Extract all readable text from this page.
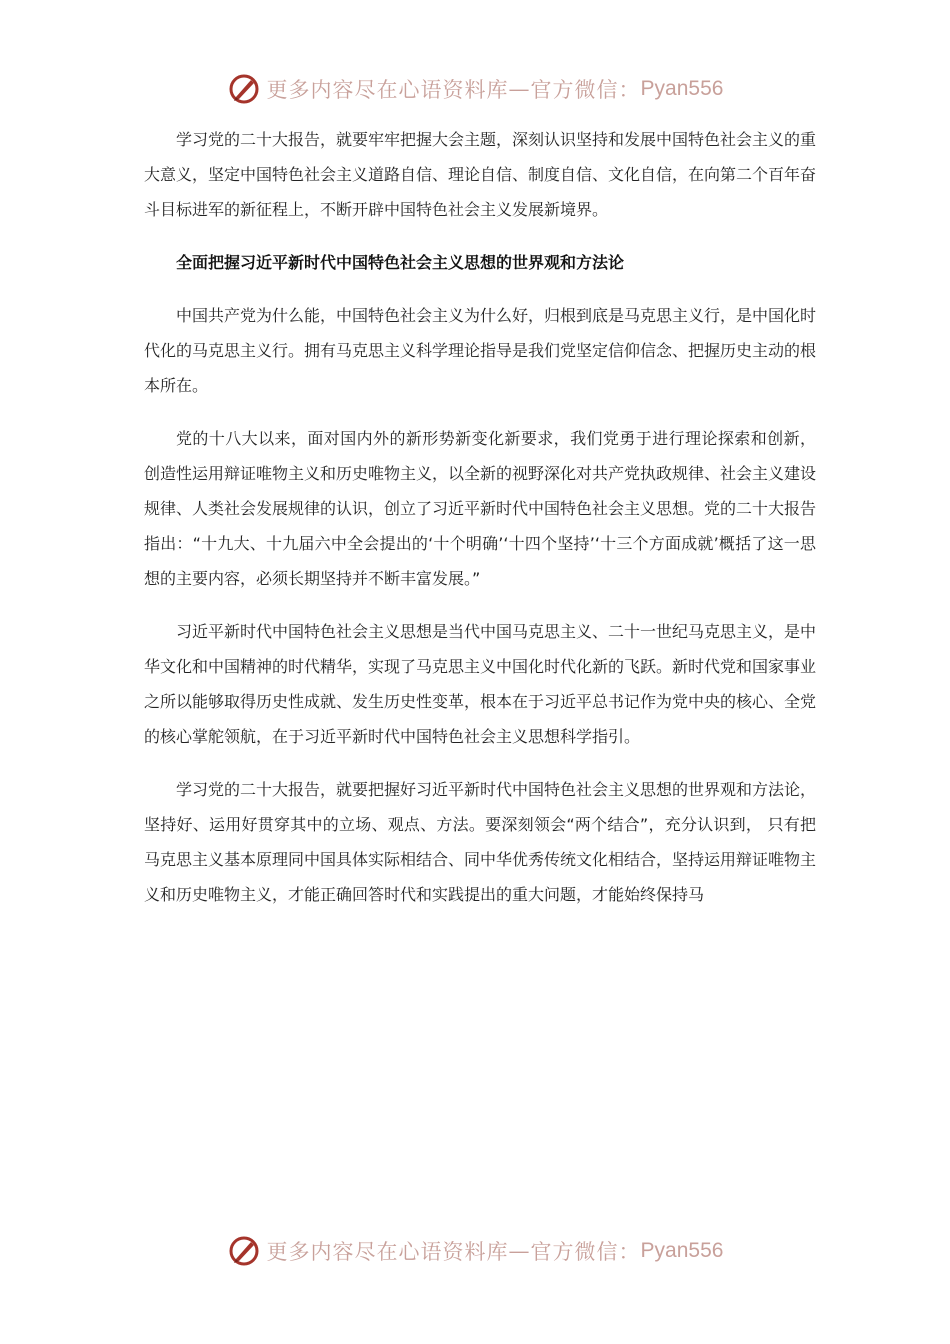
更多内容尽在心语资料库 — 官方微信： Pyan556

学习党的二十大报告，就要牢牢把握大会主题，深刻认识坚持和发展中国特色社会主义的重大意义，坚定中国特色社会主义道路自信、理论自信、制度自信、文化自信，在向第二个百年奋斗目标进军的新征程上，不断开辟中国特色社会主义发展新境界。

全面把握习近平新时代中国特色社会主义思想的世界观和方法论

中国共产党为什么能，中国特色社会主义为什么好，归根到底是马克思主义行，是中国化时代化的马克思主义行。拥有马克思主义科学理论指导是我们党坚定信仰信念、把握历史主动的根本所在。

党的十八大以来，面对国内外的新形势新变化新要求，我们党勇于进行理论探索和创新， 创造性运用辩证唯物主义和历史唯物主义，以全新的视野深化对共产党执政规律、社会主义建设规律、人类社会发展规律的认识，创立了习近平新时代中国特色社会主义思想。党的二十大报告指出：“十九大、十九届六中全会提出的‘十个明确’‘十四个坚持’‘十三个方面成就’概括了这一思想的主要内容，必须长期坚持并不断丰富发展。”

习近平新时代中国特色社会主义思想是当代中国马克思主义、二十一世纪马克思主义，是中华文化和中国精神的时代精华，实现了马克思主义中国化时代化新的飞跃。新时代党和国家事业之所以能够取得历史性成就、发生历史性变革，根本在于习近平总书记作为党中央的核心、全党的核心掌舵领航，在于习近平新时代中国特色社会主义思想科学指引。

学习党的二十大报告，就要把握好习近平新时代中国特色社会主义思想的世界观和方法论，坚持好、运用好贯穿其中的立场、观点、方法。要深刻领会“两个结合”，充分认识到， 只有把马克思主义基本原理同中国具体实际相结合、同中华优秀传统文化相结合，坚持运用辩证唯物主义和历史唯物主义，才能正确回答时代和实践提出的重大问题，才能始终保持马

更多内容尽在心语资料库 — 官方微信： Pyan556
